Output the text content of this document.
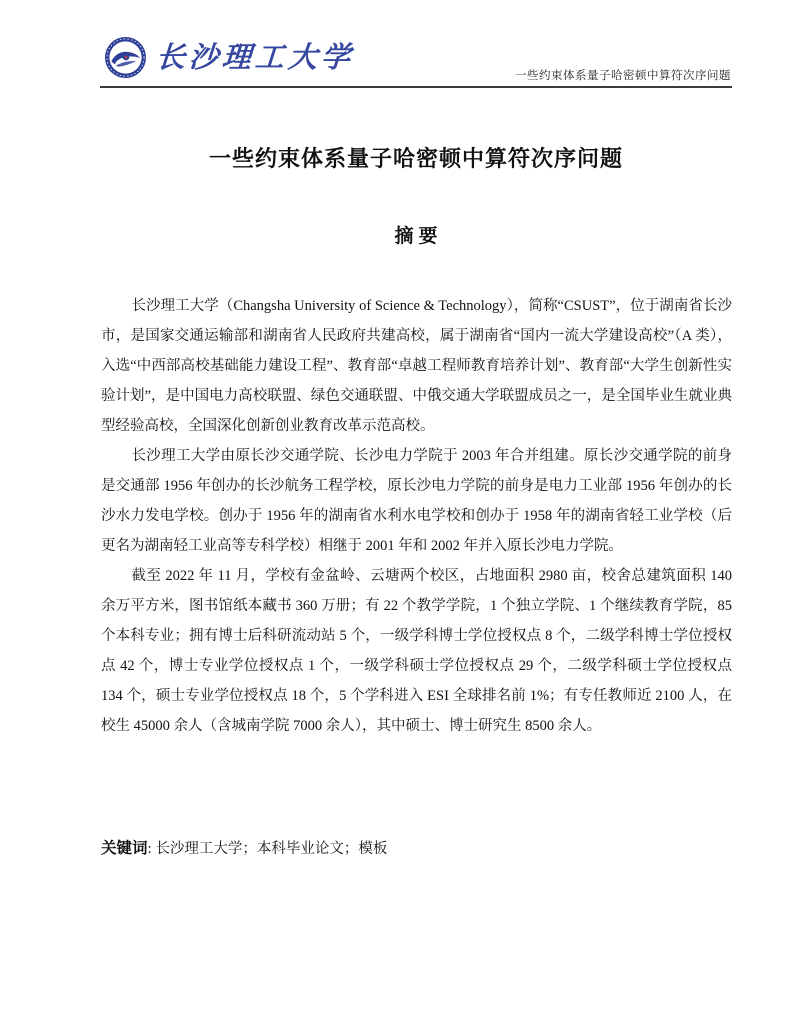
长沙理工大学
一些约束体系量子哈密顿中算符次序问题
一些约束体系量子哈密顿中算符次序问题
摘要

长沙理工大学（Changsha University of Science & Technology），简称“CSUST”，位于湖南省长沙市，是国家交通运输部和湖南省人民政府共建高校，属于湖南省“国内一流大学建设高校”（A 类），入选“中西部高校基础能力建设工程”、教育部“卓越工程师教育培养计划”、教育部“大学生创新性实验计划”，是中国电力高校联盟、绿色交通联盟、中俄交通大学联盟成员之一，是全国毕业生就业典型经验高校，全国深化创新创业教育改革示范高校。

长沙理工大学由原长沙交通学院、长沙电力学院于 2003 年合并组建。原长沙交通学院的前身是交通部 1956 年创办的长沙航务工程学校，原长沙电力学院的前身是电力工业部 1956 年创办的长沙水力发电学校。创办于 1956 年的湖南省水利水电学校和创办于 1958 年的湖南省轻工业学校（后更名为湖南轻工业高等专科学校）相继于 2001 年和 2002 年并入原长沙电力学院。

截至 2022 年 11 月，学校有金盆岭、云塘两个校区，占地面积 2980 亩，校舍总建筑面积 140 余万平方米，图书馆纸本藏书 360 万册；有 22 个教学学院，1 个独立学院、1 个继续教育学院，85 个本科专业；拥有博士后科研流动站 5 个，一级学科博士学位授权点 8 个，二级学科博士学位授权点 42 个，博士专业学位授权点 1 个，一级学科硕士学位授权点 29 个，二级学科硕士学位授权点 134 个，硕士专业学位授权点 18 个，5 个学科进入 ESI 全球排名前 1%；有专任教师近 2100 人，在校生 45000 余人（含城南学院 7000 余人），其中硕士、博士研究生 8500 余人。

关键词: 长沙理工大学；本科毕业论文；模板
